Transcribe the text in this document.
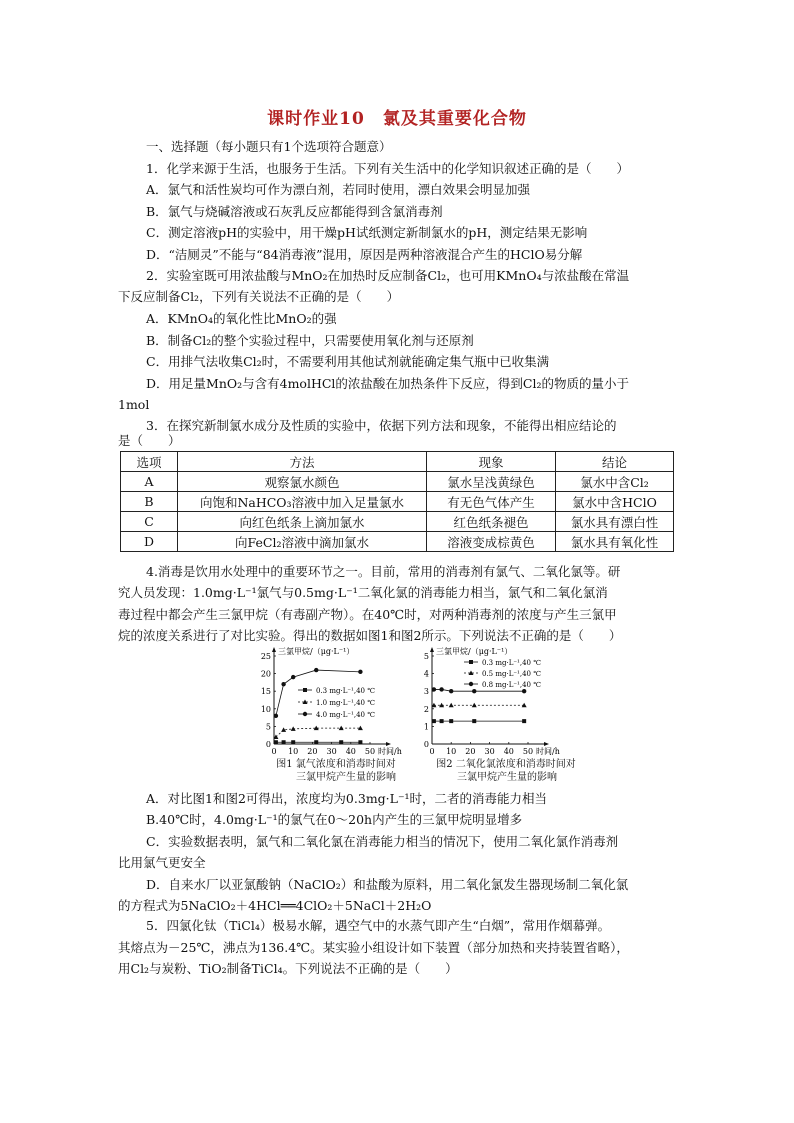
课时作业10　氯及其重要化合物
一、选择题（每小题只有1个选项符合题意）
1．化学来源于生活，也服务于生活。下列有关生活中的化学知识叙述正确的是（　　）
A．氯气和活性炭均可作为漂白剂，若同时使用，漂白效果会明显加强
B．氯气与烧碱溶液或石灰乳反应都能得到含氯消毒剂
C．测定溶液pH的实验中，用干燥pH试纸测定新制氯水的pH，测定结果无影响
D．“洁厕灵”不能与“84消毒液”混用，原因是两种溶液混合产生的HClO易分解
2．实验室既可用浓盐酸与MnO₂在加热时反应制备Cl₂，也可用KMnO₄与浓盐酸在常温
下反应制备Cl₂，下列有关说法不正确的是（　　）
A．KMnO₄的氧化性比MnO₂的强
B．制备Cl₂的整个实验过程中，只需要使用氧化剂与还原剂
C．用排气法收集Cl₂时，不需要利用其他试剂就能确定集气瓶中已收集满
D．用足量MnO₂与含有4molHCl的浓盐酸在加热条件下反应，得到Cl₂的物质的量小于
1mol
3．在探究新制氯水成分及性质的实验中，依据下列方法和现象，不能得出相应结论的
是（　　）
选项	方法	现象	结论
A	观察氯水颜色	氯水呈浅黄绿色	氯水中含Cl₂
B	向饱和NaHCO₃溶液中加入足量氯水	有无色气体产生	氯水中含HClO
C	向红色纸条上滴加氯水	红色纸条褪色	氯水具有漂白性
D	向FeCl₂溶液中滴加氯水	溶液变成棕黄色	氯水具有氧化性
4.消毒是饮用水处理中的重要环节之一。目前，常用的消毒剂有氯气、二氧化氯等。研
究人员发现：1.0mg·L⁻¹氯气与0.5mg·L⁻¹二氧化氯的消毒能力相当，氯气和二氧化氯消
毒过程中都会产生三氯甲烷（有毒副产物）。在40℃时，对两种消毒剂的浓度与产生三氯甲
烷的浓度关系进行了对比实验。得出的数据如图1和图2所示。下列说法不正确的是（　　）
三氯甲烷/（μg·L⁻¹）
时间/h
0
5
10
15
20
25
0 10 20 30 40 50
0.3 mg·L⁻¹,40 ℃
1.0 mg·L⁻¹,40 ℃
4.0 mg·L⁻¹,40 ℃
图1 氯气浓度和消毒时间对
三氯甲烷产生量的影响
三氯甲烷/（μg·L⁻¹）
时间/h
0
1
2
3
4
5
0 10 20 30 40 50
0.3 mg·L⁻¹,40 ℃
0.5 mg·L⁻¹,40 ℃
0.8 mg·L⁻¹,40 ℃
图2 二氧化氯浓度和消毒时间对
三氯甲烷产生量的影响
A．对比图1和图2可得出，浓度均为0.3mg·L⁻¹时，二者的消毒能力相当
B.40℃时，4.0mg·L⁻¹的氯气在0～20h内产生的三氯甲烷明显增多
C．实验数据表明，氯气和二氧化氯在消毒能力相当的情况下，使用二氧化氯作消毒剂
比用氯气更安全
D．自来水厂以亚氯酸钠（NaClO₂）和盐酸为原料，用二氧化氯发生器现场制二氧化氯
的方程式为5NaClO₂＋4HCl══4ClO₂＋5NaCl＋2H₂O
5．四氯化钛（TiCl₄）极易水解，遇空气中的水蒸气即产生“白烟”，常用作烟幕弹。
其熔点为－25℃，沸点为136.4℃。某实验小组设计如下装置（部分加热和夹持装置省略），
用Cl₂与炭粉、TiO₂制备TiCl₄。下列说法不正确的是（　　）
